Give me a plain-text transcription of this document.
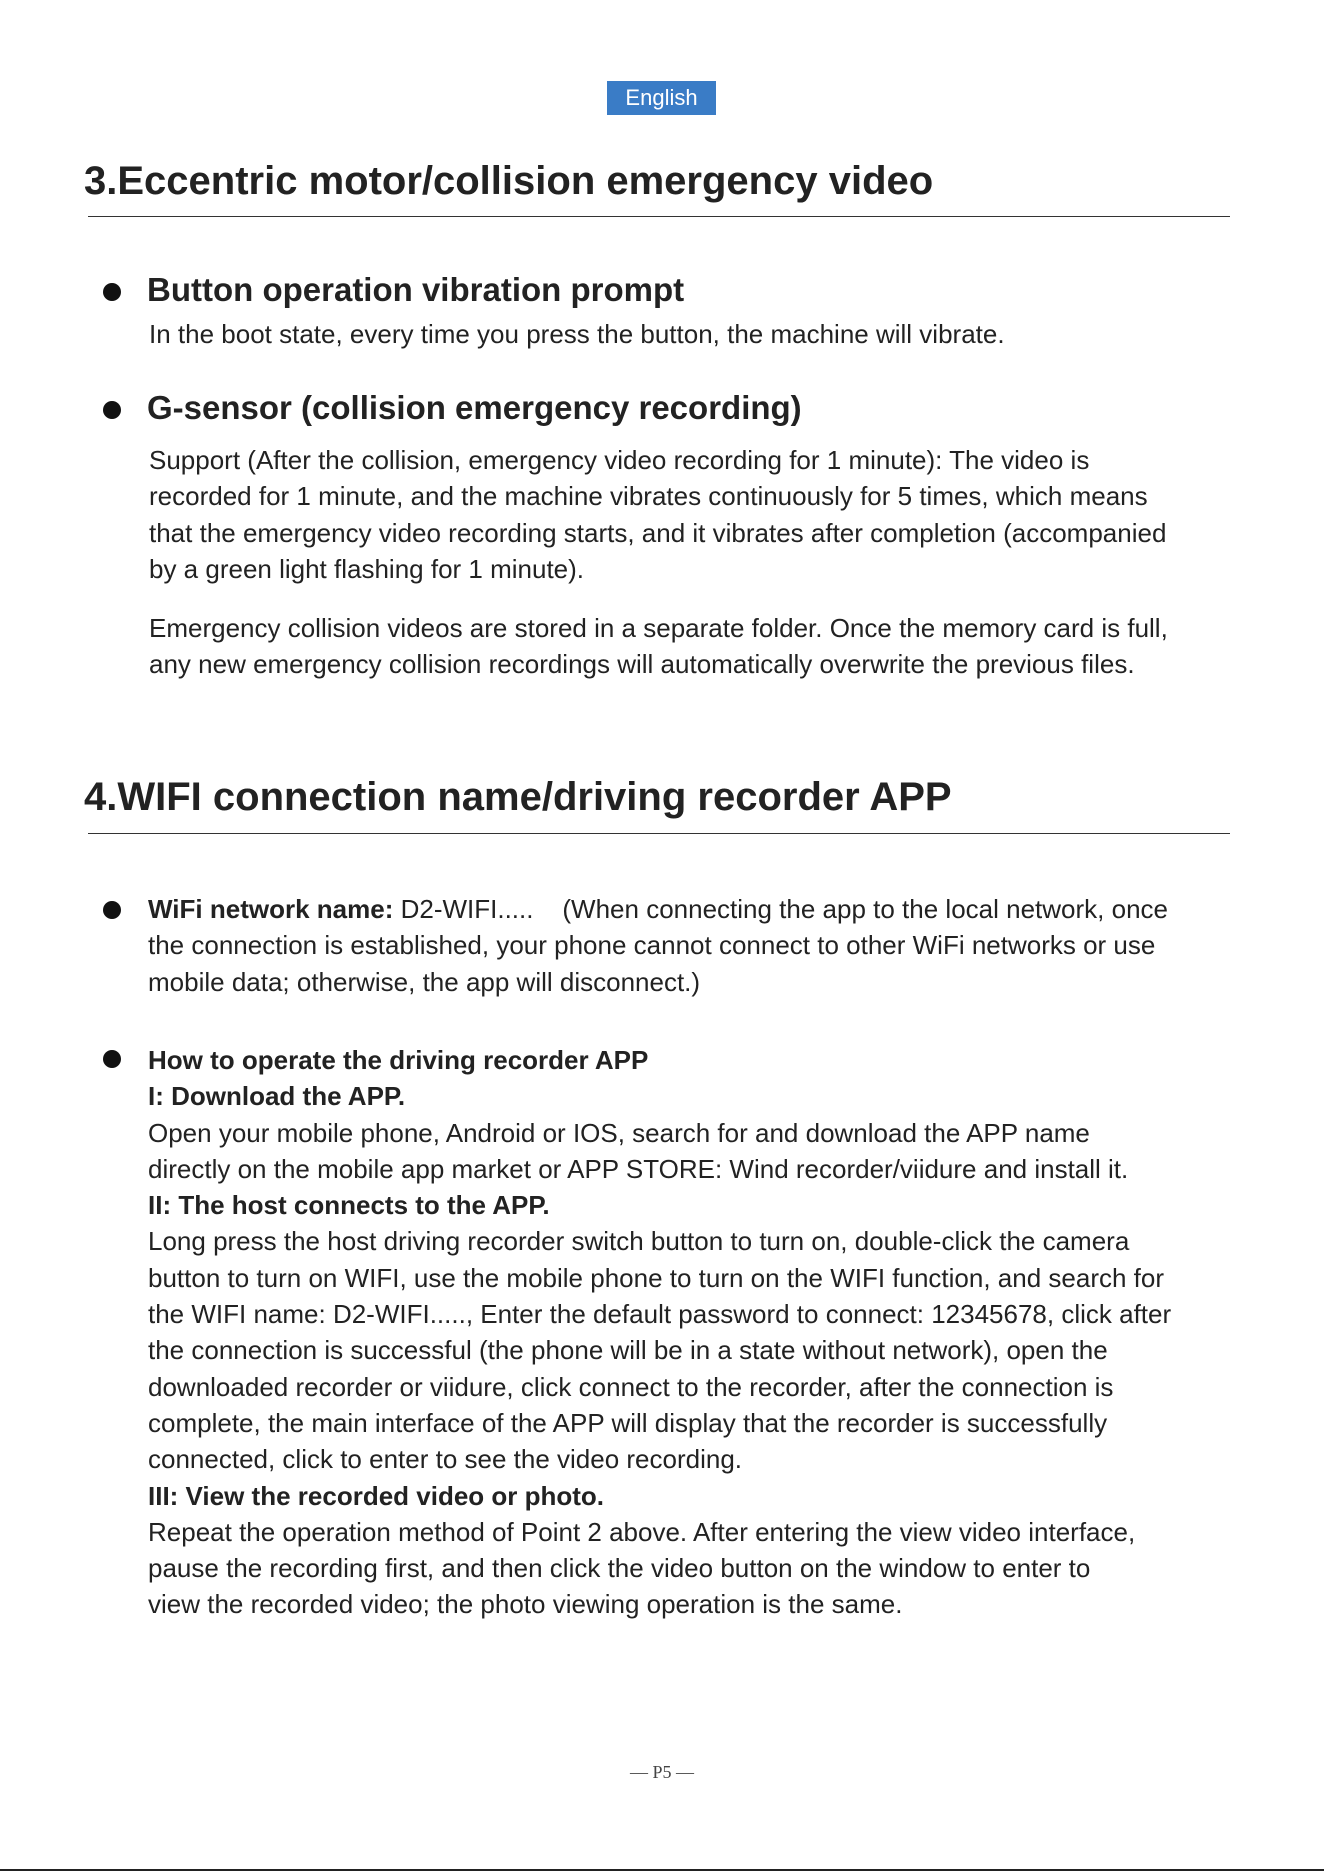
English
3.Eccentric motor/collision emergency video
Button operation vibration prompt

In the boot state, every time you press the button, the machine will vibrate.

G-sensor (collision emergency recording)

Support (After the collision, emergency video recording for 1 minute): The video is recorded for 1 minute, and the machine vibrates continuously for 5 times, which means that the emergency video recording starts, and it vibrates after completion (accompanied by a green light flashing for 1 minute).

Emergency collision videos are stored in a separate folder. Once the memory card is full, any new emergency collision recordings will automatically overwrite the previous files.

4.WIFI connection name/driving recorder APP

WiFi network name: D2-WIFI..... (When connecting the app to the local network, once the connection is established, your phone cannot connect to other WiFi networks or use mobile data; otherwise, the app will disconnect.)

How to operate the driving recorder APP
I: Download the APP.
Open your mobile phone, Android or IOS, search for and download the APP name directly on the mobile app market or APP STORE: Wind recorder/viidure and install it.
II: The host connects to the APP.
Long press the host driving recorder switch button to turn on, double-click the camera button to turn on WIFI, use the mobile phone to turn on the WIFI function, and search for the WIFI name: D2-WIFI....., Enter the default password to connect: 12345678, click after the connection is successful (the phone will be in a state without network), open the downloaded recorder or viidure, click connect to the recorder, after the connection is complete, the main interface of the APP will display that the recorder is successfully connected, click to enter to see the video recording.
III: View the recorded video or photo.
Repeat the operation method of Point 2 above. After entering the view video interface, pause the recording first, and then click the video button on the window to enter to view the recorded video; the photo viewing operation is the same.
— P5 —
